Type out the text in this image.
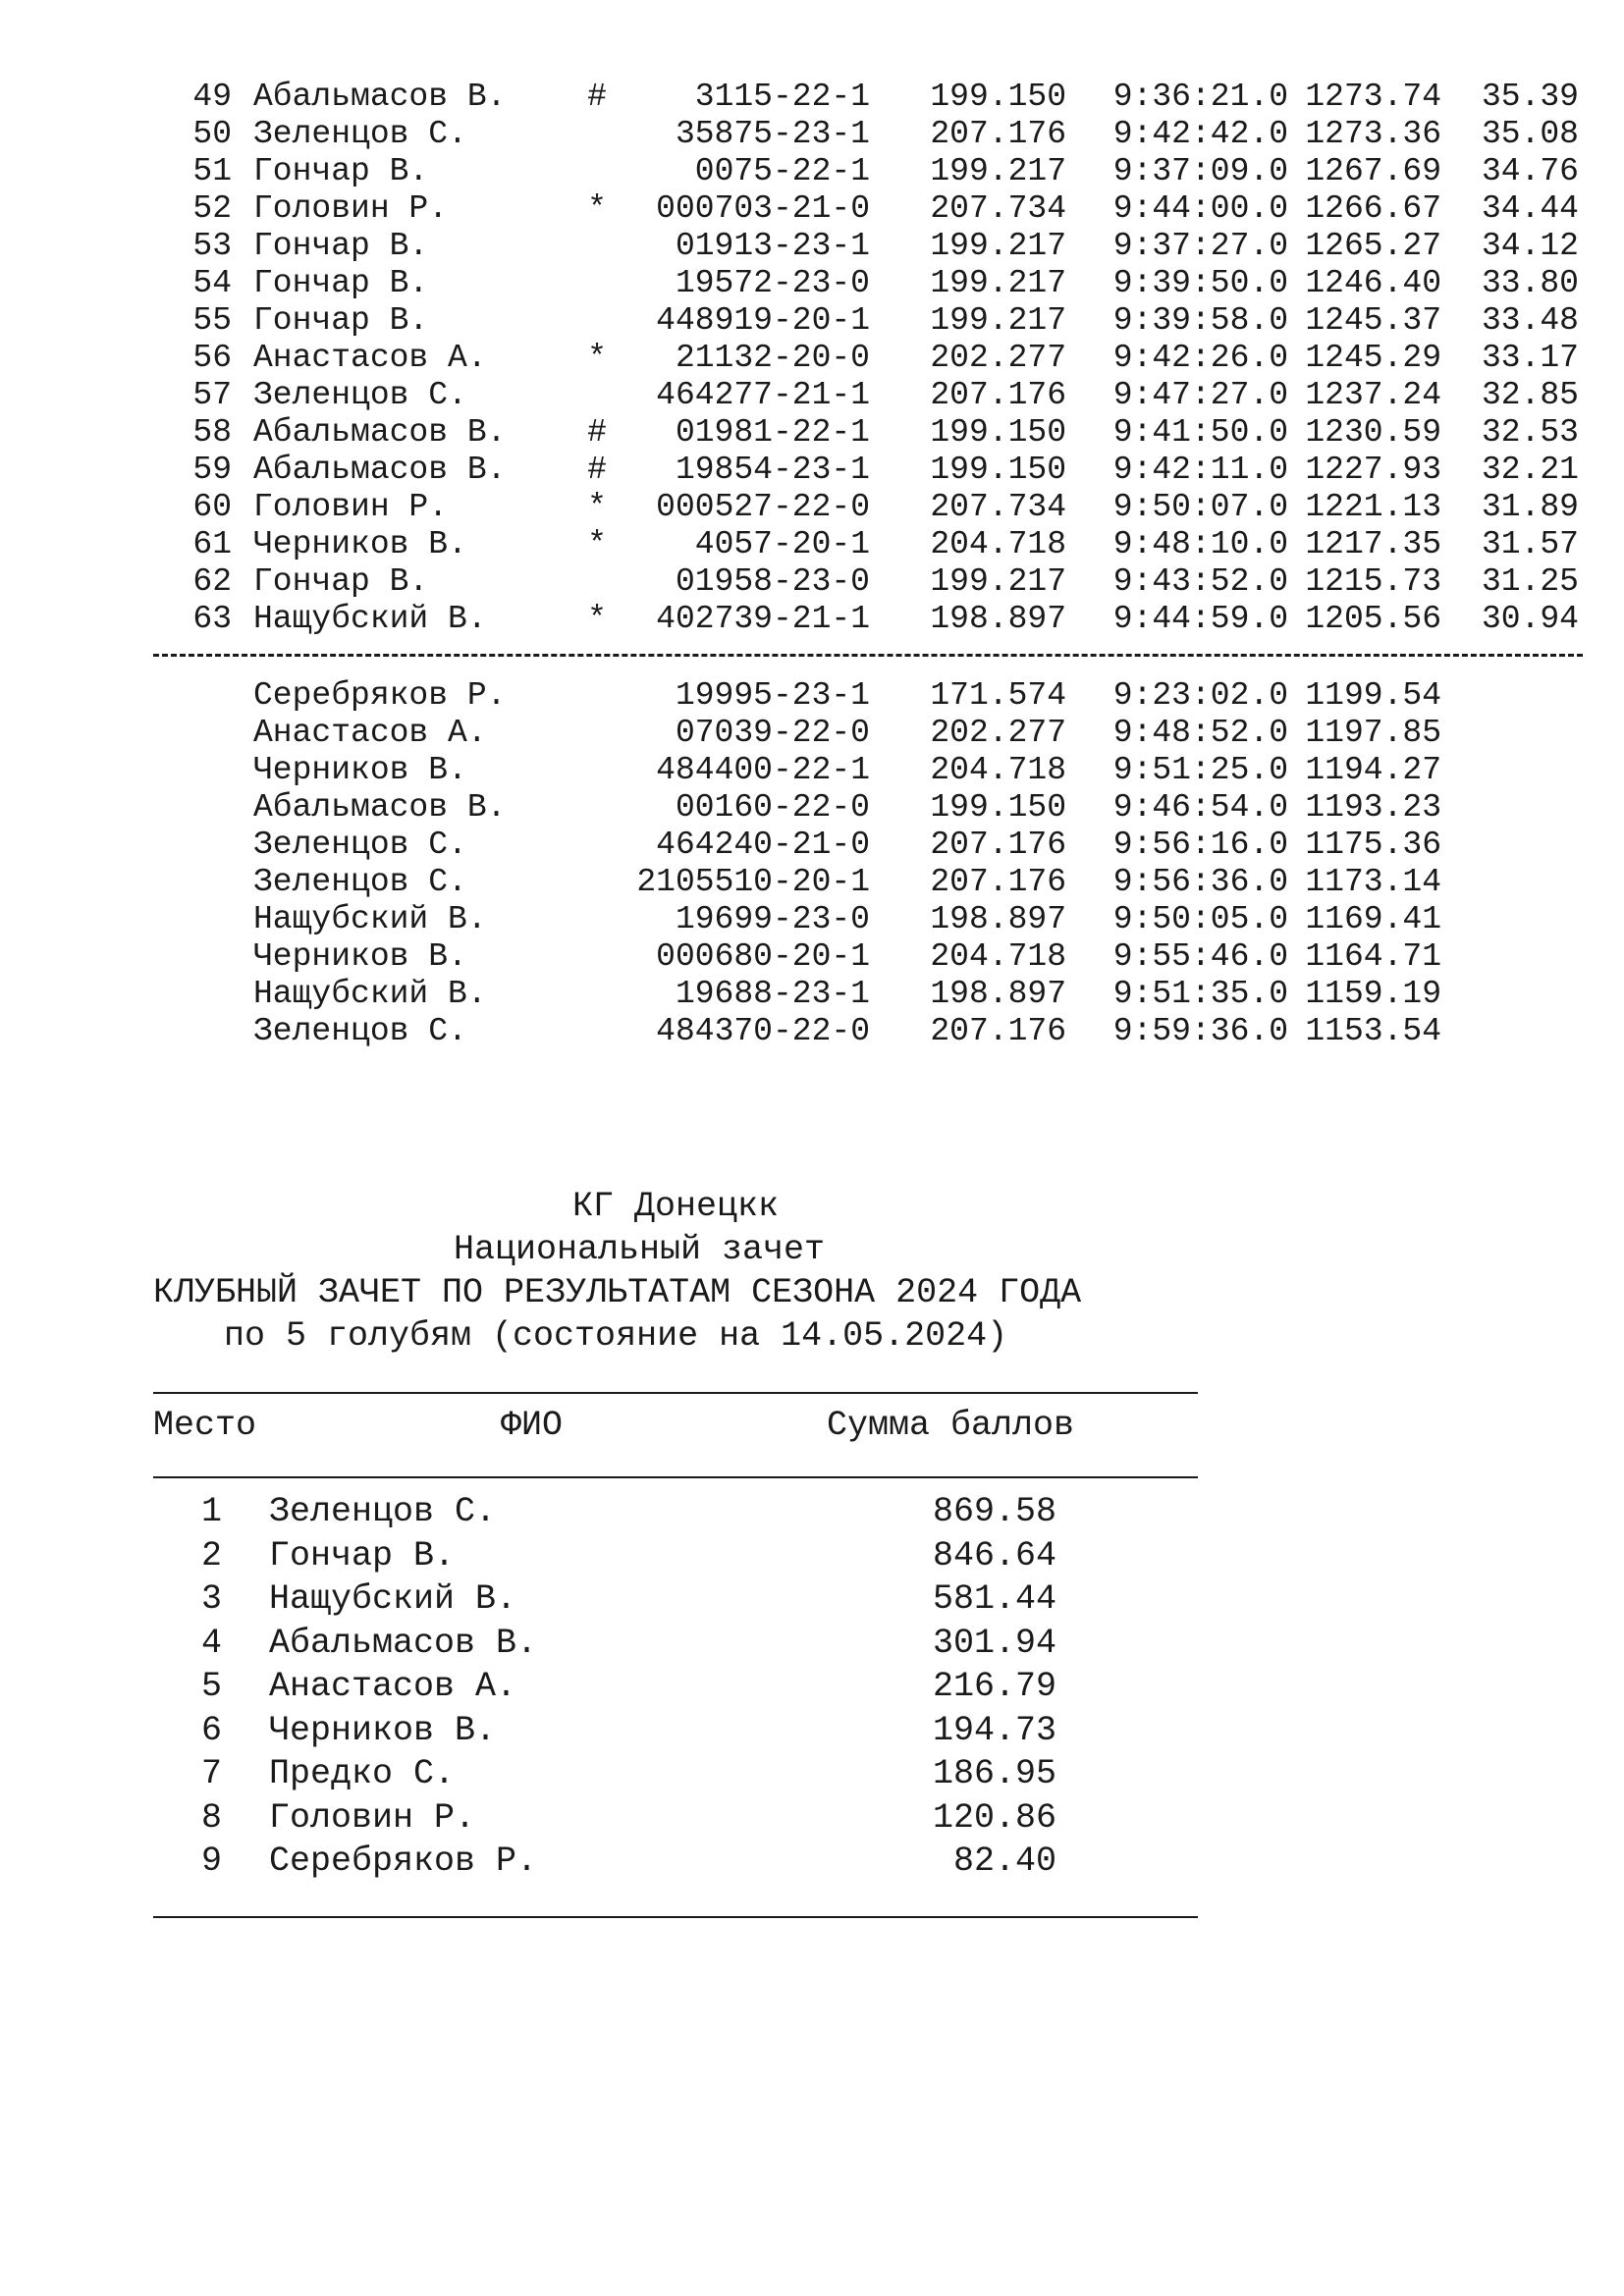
49 Абальмасов В.	#	3115-22-1	199.150 9:36:21.0 1273.74	35.39
50 Зеленцов С.	35875-23-1	207.176 9:42:42.0 1273.36	35.08
51 Гончар В.	0075-22-1	199.217 9:37:09.0 1267.69	34.76
52 Головин Р.	*	000703-21-0	207.734 9:44:00.0 1266.67	34.44
53 Гончар В.	01913-23-1	199.217 9:37:27.0 1265.27	34.12
54 Гончар В.	19572-23-0	199.217 9:39:50.0 1246.40	33.80
55 Гончар В.	448919-20-1	199.217 9:39:58.0 1245.37	33.48
56 Анастасов А.	*	21132-20-0	202.277 9:42:26.0 1245.29	33.17
57 Зеленцов С.	464277-21-1	207.176 9:47:27.0 1237.24	32.85
58 Абальмасов В.	#	01981-22-1	199.150 9:41:50.0 1230.59	32.53
59 Абальмасов В.	#	19854-23-1	199.150 9:42:11.0 1227.93	32.21
60 Головин Р.	*	000527-22-0	207.734 9:50:07.0 1221.13	31.89
61 Черников В.	*	4057-20-1	204.718 9:48:10.0 1217.35	31.57
62 Гончар В.	01958-23-0	199.217 9:43:52.0 1215.73	31.25
63 Нащубский В.	*	402739-21-1	198.897 9:44:59.0 1205.56	30.94
Серебряков Р.	19995-23-1	171.574 9:23:02.0 1199.54
Анастасов А.	07039-22-0	202.277 9:48:52.0 1197.85
Черников В.	484400-22-1	204.718 9:51:25.0 1194.27
Абальмасов В.	00160-22-0	199.150 9:46:54.0 1193.23
Зеленцов С.	464240-21-0	207.176 9:56:16.0 1175.36
Зеленцов С.	2105510-20-1	207.176 9:56:36.0 1173.14
Нащубский В.	19699-23-0	198.897 9:50:05.0 1169.41
Черников В.	000680-20-1	204.718 9:55:46.0 1164.71
Нащубский В.	19688-23-1	198.897 9:51:35.0 1159.19
Зеленцов С.	484370-22-0	207.176 9:59:36.0 1153.54
КГ Донецкк
Национальный зачет
КЛУБНЫЙ ЗАЧЕТ ПО РЕЗУЛЬТАТАМ СЕЗОНА 2024 ГОДА
по 5 голубям (состояние на 14.05.2024)
Место	ФИО	Сумма баллов
1 Зеленцов С.	869.58
2 Гончар В.	846.64
3 Нащубский В.	581.44
4 Абальмасов В.	301.94
5 Анастасов А.	216.79
6 Черников В.	194.73
7 Предко С.	186.95
8 Головин Р.	120.86
9 Серебряков Р.	82.40
